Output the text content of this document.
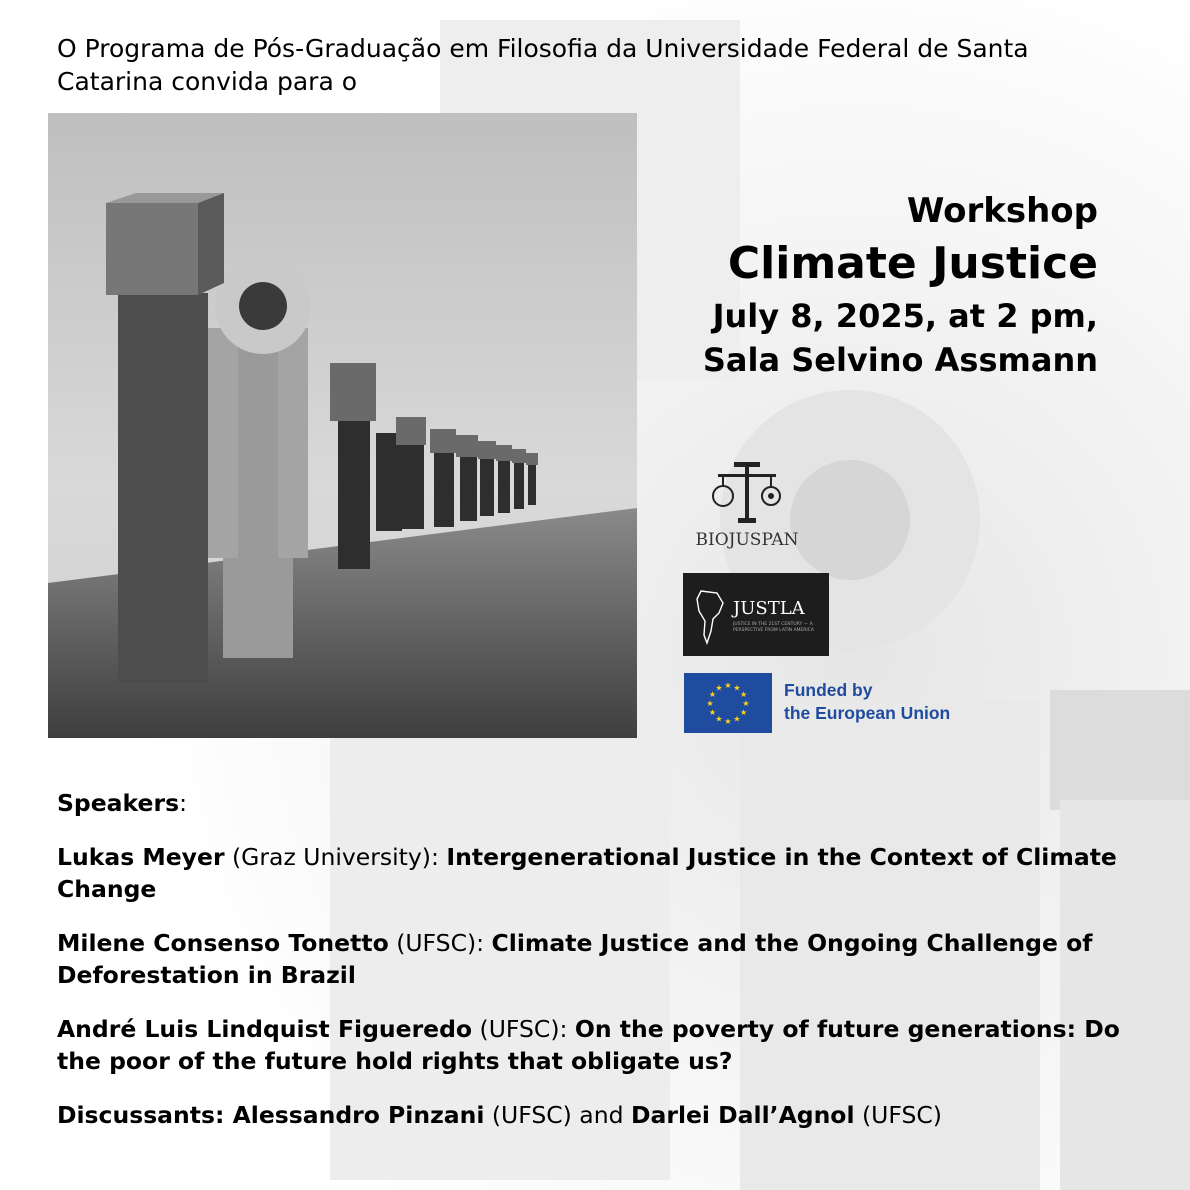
O Programa de Pós-Graduação em Filosofia da Universidade Federal de Santa Catarina convida para o
Workshop
Climate Justice
July 8, 2025, at 2 pm,
Sala Selvino Assmann
BIOJUSPAN
JUSTLA
JUSTICE IN THE 21ST CENTURY — A PERSPECTIVE FROM LATIN AMERICA
★ ★
★
★
★
★
★
★
★
★
★
★	Funded by
the European Union
Speakers:
Lukas Meyer (Graz University): Intergenerational Justice in the Context of Climate Change
Milene Consenso Tonetto (UFSC): Climate Justice and the Ongoing Challenge of Deforestation in Brazil
André Luis Lindquist Figueredo (UFSC): On the poverty of future generations: Do the poor of the future hold rights that obligate us?
Discussants: Alessandro Pinzani (UFSC) and Darlei Dall’Agnol (UFSC)
